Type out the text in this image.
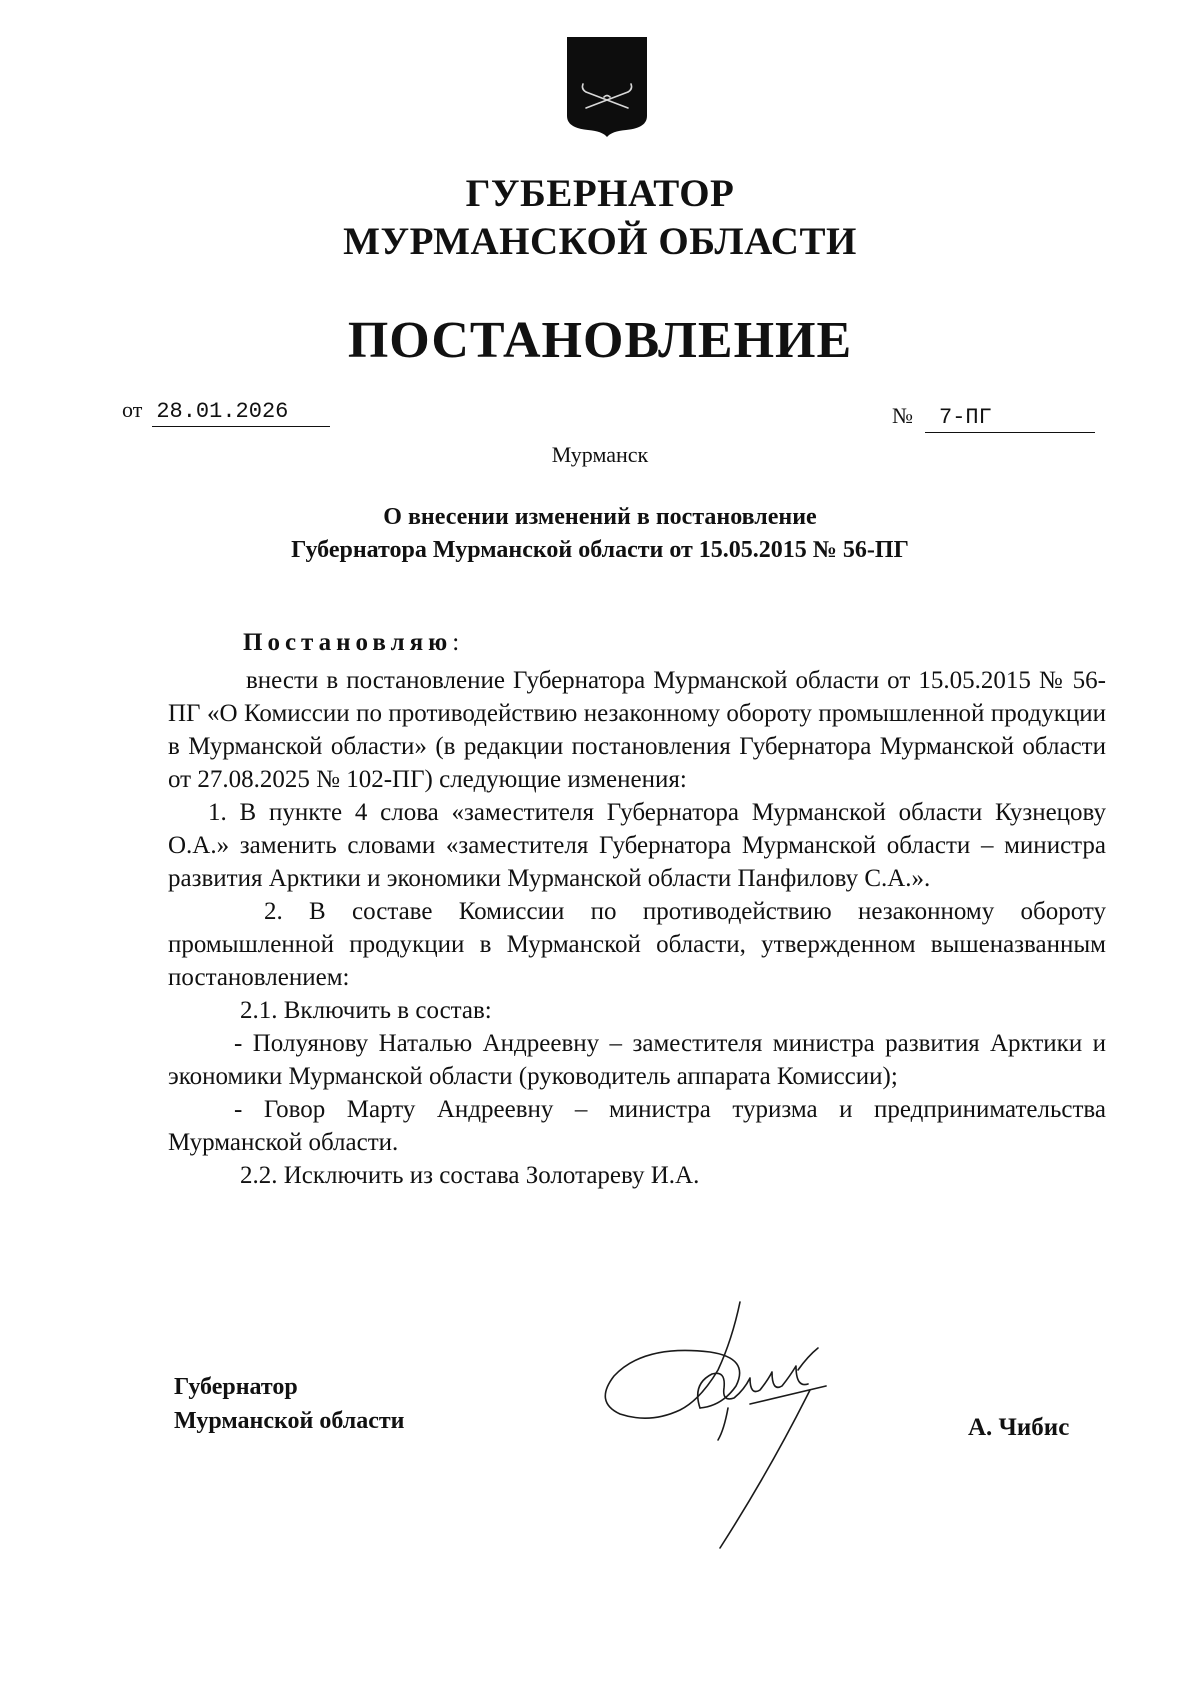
ГУБЕРНАТОР
МУРМАНСКОЙ ОБЛАСТИ
ПОСТАНОВЛЕНИЕ
от 28.01.2026	№ 7-ПГ
Мурманск
О внесении изменений в постановление
Губернатора Мурманской области от 15.05.2015 № 56-ПГ
Постановляю:

внести в постановление Губернатора Мурманской области от 15.05.2015 № 56-ПГ «О Комиссии по противодействию незаконному обороту промышленной продукции в Мурманской области» (в редакции постановления Губернатора Мурманской области от 27.08.2025 № 102-ПГ) следующие изменения:

1. В пункте 4 слова «заместителя Губернатора Мурманской области Кузнецову О.А.» заменить словами «заместителя Губернатора Мурманской области – министра развития Арктики и экономики Мурманской области Панфилову С.А.».

2. В составе Комиссии по противодействию незаконному обороту промышленной продукции в Мурманской области, утвержденном вышеназванным постановлением:

2.1. Включить в состав:

- Полуянову Наталью Андреевну – заместителя министра развития Арктики и экономики Мурманской области (руководитель аппарата Комиссии);

- Говор Марту Андреевну – министра туризма и предпринимательства Мурманской области.

2.2. Исключить из состава Золотареву И.А.

Губернатор
Мурманской области	А. Чибис
